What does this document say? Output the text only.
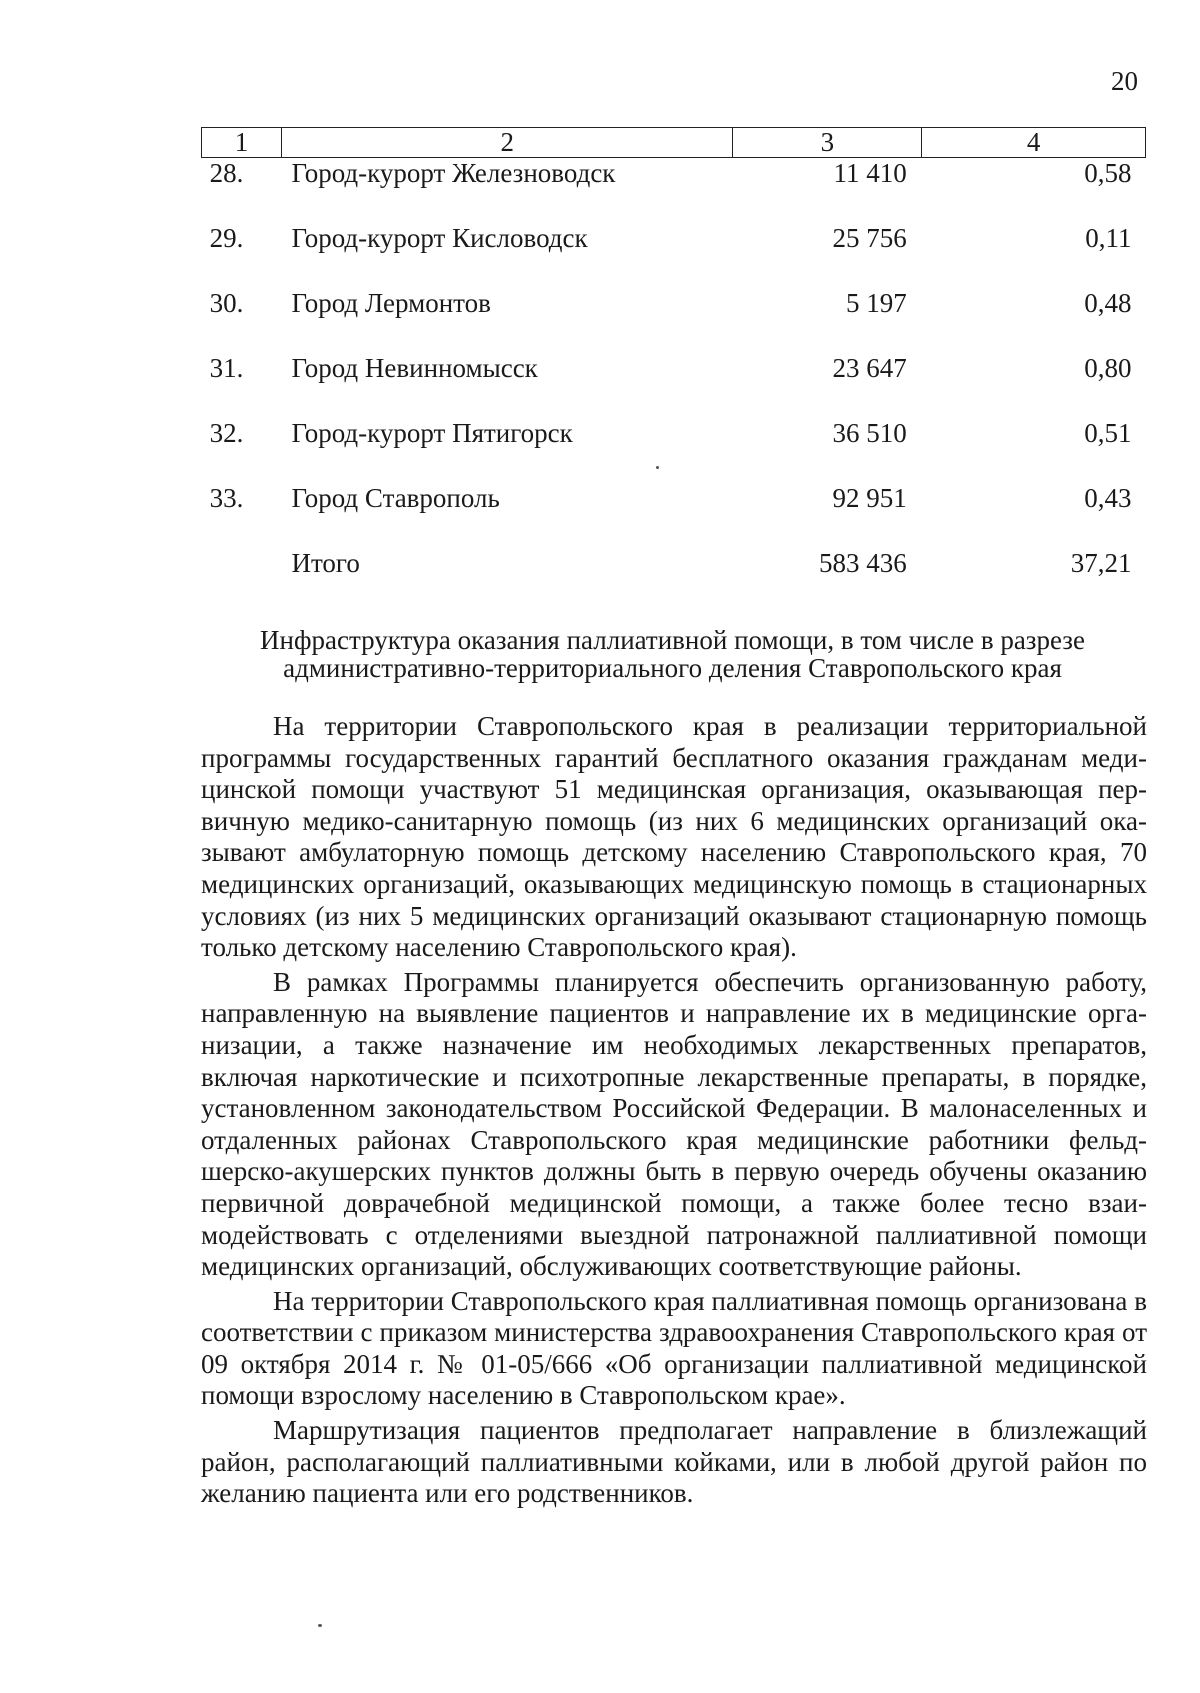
20
1	2	3	4
28.	Город-курорт Железноводск	11 410	0,58
29.	Город-курорт Кисловодск	25 756	0,11
30.	Город Лермонтов	5 197	0,48
31.	Город Невинномысск	23 647	0,80
32.	Город-курорт Пятигорск	36 510	0,51
33.	Город Ставрополь	92 951	0,43
	Итого	583 436	37,21
Инфраструктура оказания паллиативной помощи, в том числе в разрезе
административно-территориального деления Ставропольского края

На территории Ставропольского края в реализации территориальной программы государственных гарантий бесплатного оказания гражданам медицинской помощи участвуют 51 медицинская организация, оказывающая первичную медико-санитарную помощь (из них 6 медицинских организаций оказывают амбулаторную помощь детскому населению Ставропольского края, 70 медицинских организаций, оказывающих медицинскую помощь в стационарных условиях (из них 5 медицинских организаций оказывают стационарную помощь только детскому населению Ставропольского края).

В рамках Программы планируется обеспечить организованную работу, направленную на выявление пациентов и направление их в медицинские организации, а также назначение им необходимых лекарственных препаратов, включая наркотические и психотропные лекарственные препараты, в порядке, установленном законодательством Российской Федерации. В малонаселенных и отдаленных районах Ставропольского края медицинские работники фельдшерско-акушерских пунктов должны быть в первую очередь обучены оказанию первичной доврачебной медицинской помощи, а также более тесно взаимодействовать с отделениями выездной патронажной паллиативной помощи медицинских организаций, обслуживающих соответствующие районы.

На территории Ставропольского края паллиативная помощь организована в соответствии с приказом министерства здравоохранения Ставропольского края от 09 октября 2014 г. № 01-05/666 «Об организации паллиативной медицинской помощи взрослому населению в Ставропольском крае».

Маршрутизация пациентов предполагает направление в близлежащий район, располагающий паллиативными койками, или в любой другой район по желанию пациента или его родственников.
